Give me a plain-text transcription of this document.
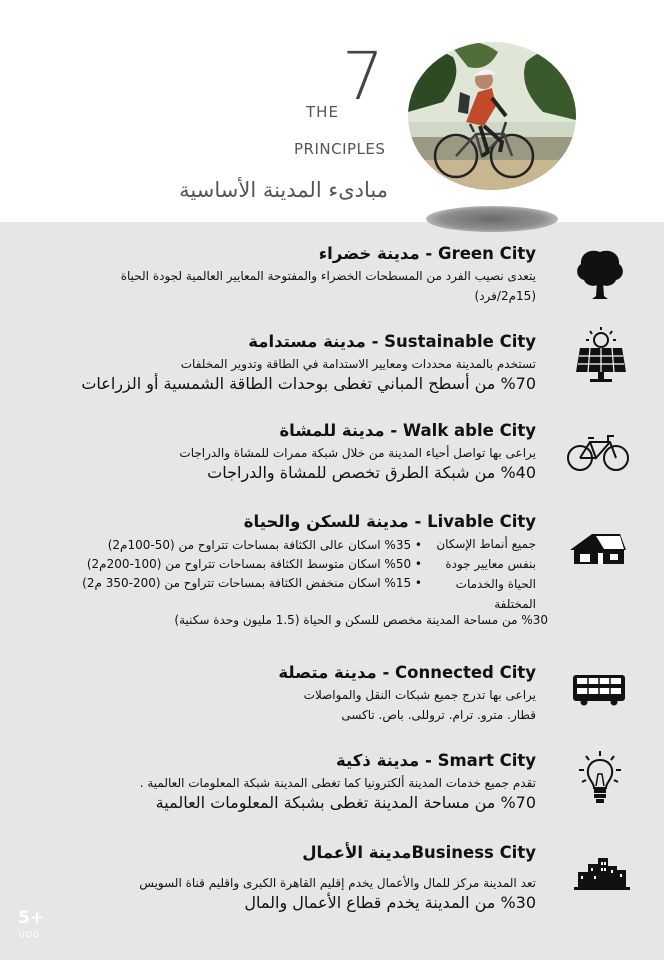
THE 7
PRINCIPLES
مبادىء المدينة الأساسية
Green City - مدينة خضراء
يتعدى نصيب الفرد من المسطحات الخضراء والمفتوحة المعايير العالمية لجودة الحياة
(15م2/فرد)
Sustainable City - مدينة مستدامة
تستخدم بالمدينة محددات ومعايير الاستدامة في الطاقة وتدوير المخلفات
%70 من أسطح المباني تغطى بوحدات الطاقة الشمسية أو الزراعات
Walk able City - مدينة للمشاة
يراعى بها تواصل أحياء المدينة من خلال شبكة ممرات للمشاة والدراجات
%40 من شبكة الطرق تخصص للمشاة والدراجات
Livable City - مدينة للسكن والحياة
جميع أنماط الإسكان
بنفس معايير جودة
الحياة والخدمات
المختلفة
• %35 اسكان عالى الكثافة بمساحات تتراوح من (50-100م2)
• %50 اسكان متوسط الكثافة بمساحات تتراوح من (100-200م2)
• %15 اسكان منخفض الكثافة بمساحات تتراوح من (200-350 م2)
%30 من مساحة المدينة مخصص للسكن و الحياة (1.5 مليون وحدة سكنية)
Connected City - مدينة متصلة
يراعى بها تدرج جميع شبكات النقل والمواصلات
قطار. مترو. ترام. تروللى. باص. تاكسى
Smart City - مدينة ذكية
تقدم جميع خدمات المدينة ألكترونيا كما تغطى المدينة شبكة المعلومات العالمية .
%70 من مساحة المدينة تغطى بشبكة المعلومات العالمية
Business Cityمدينة الأعمال
تعد المدينة مركز للمال والأعمال يخدم إقليم القاهرة الكبرى واقليم قناة السويس
%30 من المدينة يخدم قطاع الأعمال والمال
5+
UDG
